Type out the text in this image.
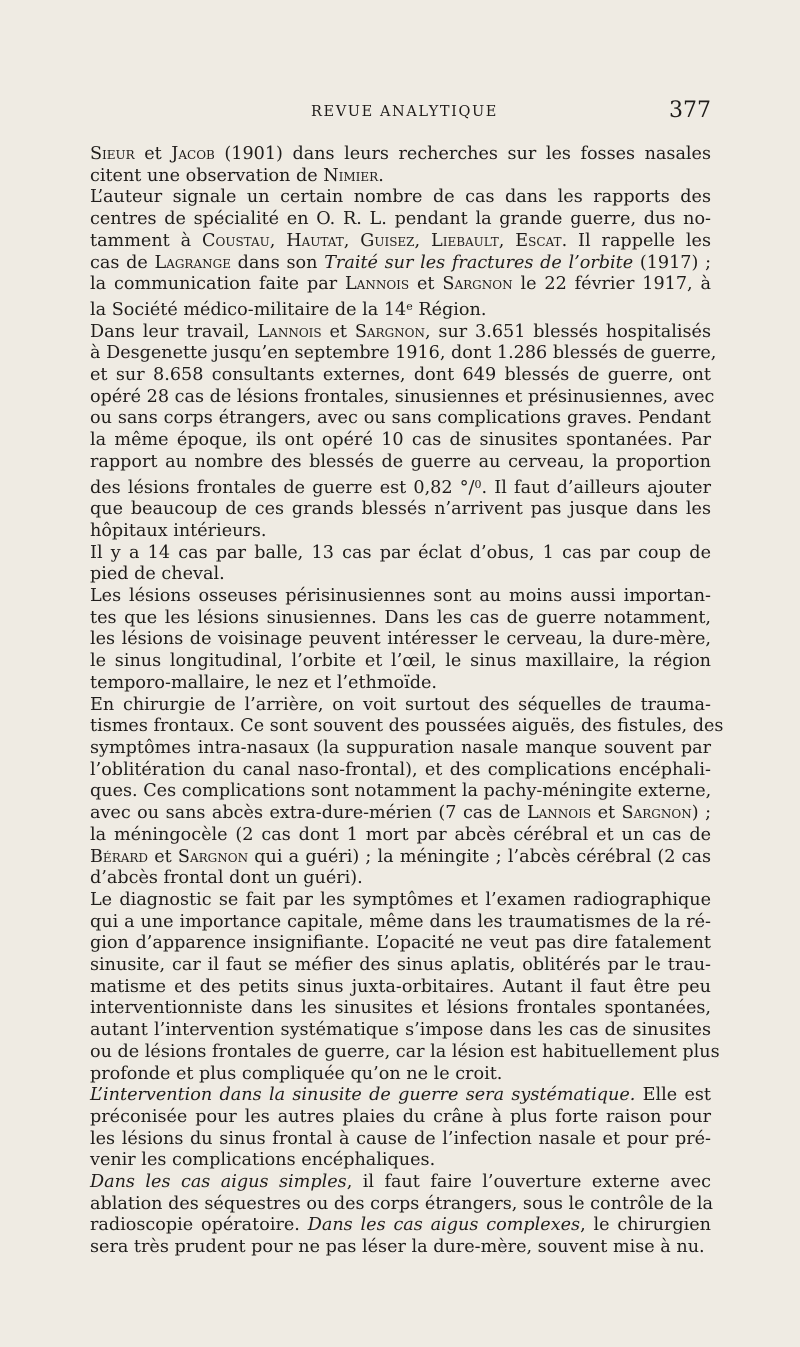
REVUE ANALYTIQUE	377

Sieur et Jacob (1901) dans leurs recherches sur les fosses nasales
citent une observation de Nimier.

L’auteur signale un certain nombre de cas dans les rapports des
centres de spécialité en O. R. L. pendant la grande guerre, dus no-
tamment à Coustau, Hautat, Guisez, Liebault, Escat. Il rappelle les
cas de Lagrange dans son Traité sur les fractures de l’orbite (1917) ;
la communication faite par Lannois et Sargnon le 22 février 1917, à
la Société médico-militaire de la 14e Région.

Dans leur travail, Lannois et Sargnon, sur 3.651 blessés hospitalisés
à Desgenette jusqu’en septembre 1916, dont 1.286 blessés de guerre,
et sur 8.658 consultants externes, dont 649 blessés de guerre, ont
opéré 28 cas de lésions frontales, sinusiennes et présinusiennes, avec
ou sans corps étrangers, avec ou sans complications graves. Pendant
la même époque, ils ont opéré 10 cas de sinusites spontanées. Par
rapport au nombre des blessés de guerre au cerveau, la proportion
des lésions frontales de guerre est 0,82 °/$^0$. Il faut d’ailleurs ajouter
que beaucoup de ces grands blessés n’arrivent pas jusque dans les
hôpitaux intérieurs.

Il y a 14 cas par balle, 13 cas par éclat d’obus, 1 cas par coup de
pied de cheval.

Les lésions osseuses périsinusiennes sont au moins aussi importan-
tes que les lésions sinusiennes. Dans les cas de guerre notamment,
les lésions de voisinage peuvent intéresser le cerveau, la dure-mère,
le sinus longitudinal, l’orbite et l’œil, le sinus maxillaire, la région
temporo-mallaire, le nez et l’ethmoïde.

En chirurgie de l’arrière, on voit surtout des séquelles de trauma-
tismes frontaux. Ce sont souvent des poussées aiguës, des fistules, des
symptômes intra-nasaux (la suppuration nasale manque souvent par
l’oblitération du canal naso-frontal), et des complications encéphali-
ques. Ces complications sont notamment la pachy-méningite externe,
avec ou sans abcès extra-dure-mérien (7 cas de Lannois et Sargnon) ;
la méningocèle (2 cas dont 1 mort par abcès cérébral et un cas de
Bérard et Sargnon qui a guéri) ; la méningite ; l’abcès cérébral (2 cas
d’abcès frontal dont un guéri).

Le diagnostic se fait par les symptômes et l’examen radiographique
qui a une importance capitale, même dans les traumatismes de la ré-
gion d’apparence insignifiante. L’opacité ne veut pas dire fatalement
sinusite, car il faut se méfier des sinus aplatis, oblitérés par le trau-
matisme et des petits sinus juxta-orbitaires. Autant il faut être peu
interventionniste dans les sinusites et lésions frontales spontanées,
autant l’intervention systématique s’impose dans les cas de sinusites
ou de lésions frontales de guerre, car la lésion est habituellement plus
profonde et plus compliquée qu’on ne le croit.

L’intervention dans la sinusite de guerre sera systématique. Elle est
préconisée pour les autres plaies du crâne à plus forte raison pour
les lésions du sinus frontal à cause de l’infection nasale et pour pré-
venir les complications encéphaliques.

Dans les cas aigus simples, il faut faire l’ouverture externe avec
ablation des séquestres ou des corps étrangers, sous le contrôle de la
radioscopie opératoire. Dans les cas aigus complexes, le chirurgien
sera très prudent pour ne pas léser la dure-mère, souvent mise à nu.
